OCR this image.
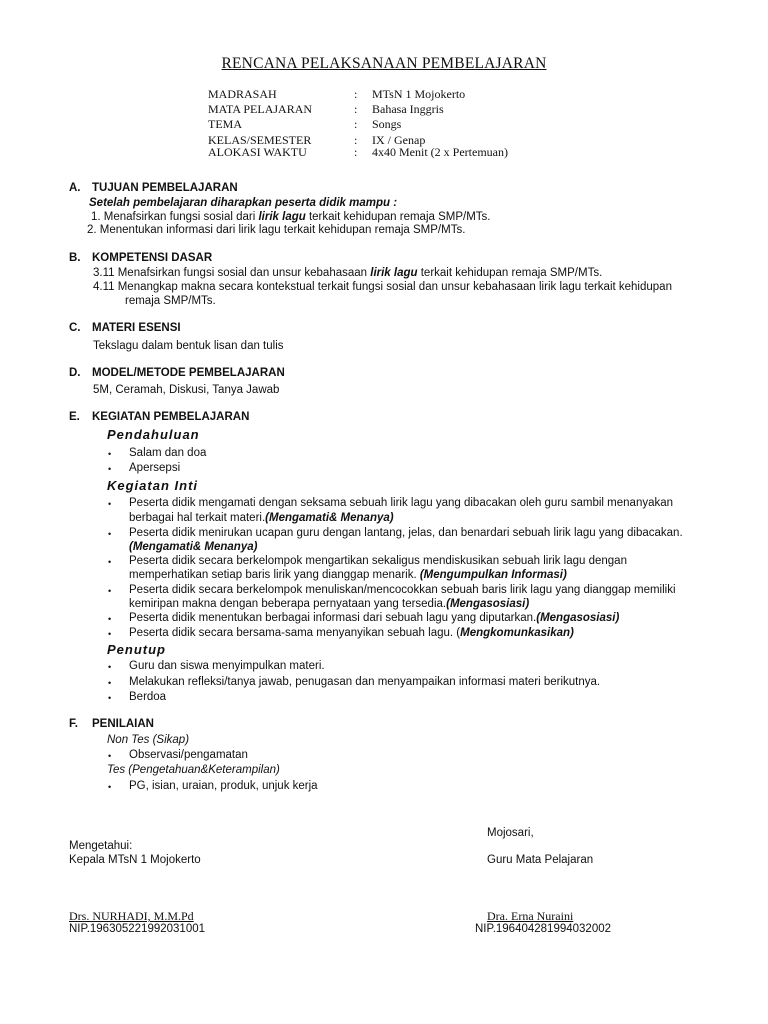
RENCANA PELAKSANAAN PEMBELAJARAN
MADRASAH	: MTsN 1 Mojokerto
MATA PELAJARAN	: Bahasa Inggris
TEMA	: Songs
KELAS/SEMESTER	: IX / Genap
ALOKASI WAKTU	: 4x40 Menit (2 x Pertemuan)
A. TUJUAN PEMBELAJARAN
Setelah pembelajaran diharapkan peserta didik mampu :
1. Menafsirkan fungsi sosial dari lirik lagu terkait kehidupan remaja SMP/MTs.
2. Menentukan informasi dari lirik lagu terkait kehidupan remaja SMP/MTs.
B. KOMPETENSI DASAR
3.11 Menafsirkan fungsi sosial dan unsur kebahasaan lirik lagu terkait kehidupan remaja SMP/MTs.
4.11 Menangkap makna secara kontekstual terkait fungsi sosial dan unsur kebahasaan lirik lagu terkait kehidupan
remaja SMP/MTs.
C. MATERI ESENSI
Tekslagu dalam bentuk lisan dan tulis
D. MODEL/METODE PEMBELAJARAN
5M, Ceramah, Diskusi, Tanya Jawab
E. KEGIATAN PEMBELAJARAN
Pendahuluan
• Salam dan doa
• Apersepsi
Kegiatan Inti
• Peserta didik mengamati dengan seksama sebuah lirik lagu yang dibacakan oleh guru sambil menanyakan
berbagai hal terkait materi.(Mengamati& Menanya)
• Peserta didik menirukan ucapan guru dengan lantang, jelas, dan benardari sebuah lirik lagu yang dibacakan.
(Mengamati& Menanya)
• Peserta didik secara berkelompok mengartikan sekaligus mendiskusikan sebuah lirik lagu dengan
memperhatikan setiap baris lirik yang dianggap menarik. (Mengumpulkan Informasi)
• Peserta didik secara berkelompok menuliskan/mencocokkan sebuah baris lirik lagu yang dianggap memiliki
kemiripan makna dengan beberapa pernyataan yang tersedia.(Mengasosiasi)
• Peserta didik menentukan berbagai informasi dari sebuah lagu yang diputarkan.(Mengasosiasi)
• Peserta didik secara bersama-sama menyanyikan sebuah lagu. (Mengkomunkasikan)
Penutup
• Guru dan siswa menyimpulkan materi.
• Melakukan refleksi/tanya jawab, penugasan dan menyampaikan informasi materi berikutnya.
• Berdoa
F. PENILAIAN
Non Tes (Sikap)
• Observasi/pengamatan
Tes (Pengetahuan&Keterampilan)
• PG, isian, uraian, produk, unjuk kerja
Mojosari,
Mengetahui:
Kepala MTsN 1 Mojokerto	Guru Mata Pelajaran
Drs. NURHADI, M.M.Pd	Dra. Erna Nuraini
NIP.196305221992031001	NIP.196404281994032002
